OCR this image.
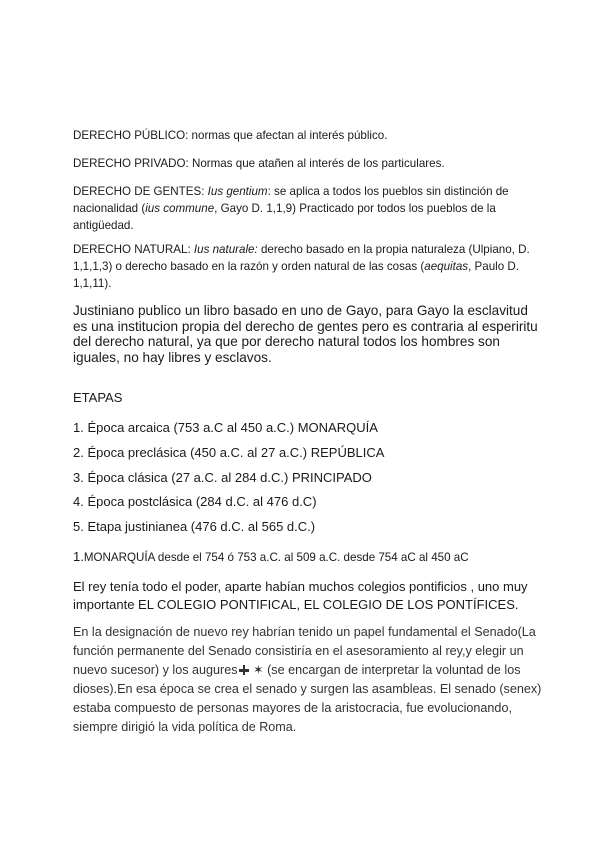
DERECHO PÚBLICO: normas que afectan al interés público.

DERECHO PRIVADO: Normas que atañen al interés de los particulares.

DERECHO DE GENTES: Ius gentium: se aplica a todos los pueblos sin distinción de nacionalidad (ius commune, Gayo D. 1,1,9) Practicado por todos los pueblos de la antigüedad.

DERECHO NATURAL: Ius naturale: derecho basado en la propia naturaleza (Ulpiano, D. 1,1,1,3) o derecho basado en la razón y orden natural de las cosas (aequitas, Paulo D. 1,1,11).

Justiniano publico un libro basado en uno de Gayo, para Gayo la esclavitud es una institucion propia del derecho de gentes pero es contraria al esperiritu del derecho natural, ya que por derecho natural todos los hombres son iguales, no hay libres y esclavos.

ETAPAS
1. Época arcaica (753 a.C al 450 a.C.) MONARQUÍA
2. Época preclásica (450 a.C. al 27 a.C.) REPÚBLICA
3. Época clásica (27 a.C. al 284 d.C.) PRINCIPADO
4. Época postclásica (284 d.C. al 476 d.C)
5. Etapa justinianea (476 d.C. al 565 d.C.)

1.MONARQUÍA desde el 754 ó 753 a.C. al 509 a.C. desde 754 aC al 450 aC

El rey tenía todo el poder, aparte habían muchos colegios pontificios , uno muy importante EL COLEGIO PONTIFICAL, EL COLEGIO DE LOS PONTÍFICES.

En la designación de nuevo rey habrían tenido un papel fundamental el Senado(La función permanente del Senado consistiría en el asesoramiento al rey,y elegir un nuevo sucesor) y los augures ✶ (se encargan de interpretar la voluntad de los dioses).En esa época se crea el senado y surgen las asambleas. El senado (senex) estaba compuesto de personas mayores de la aristocracia, fue evolucionando, siempre dirigió la vida política de Roma.
